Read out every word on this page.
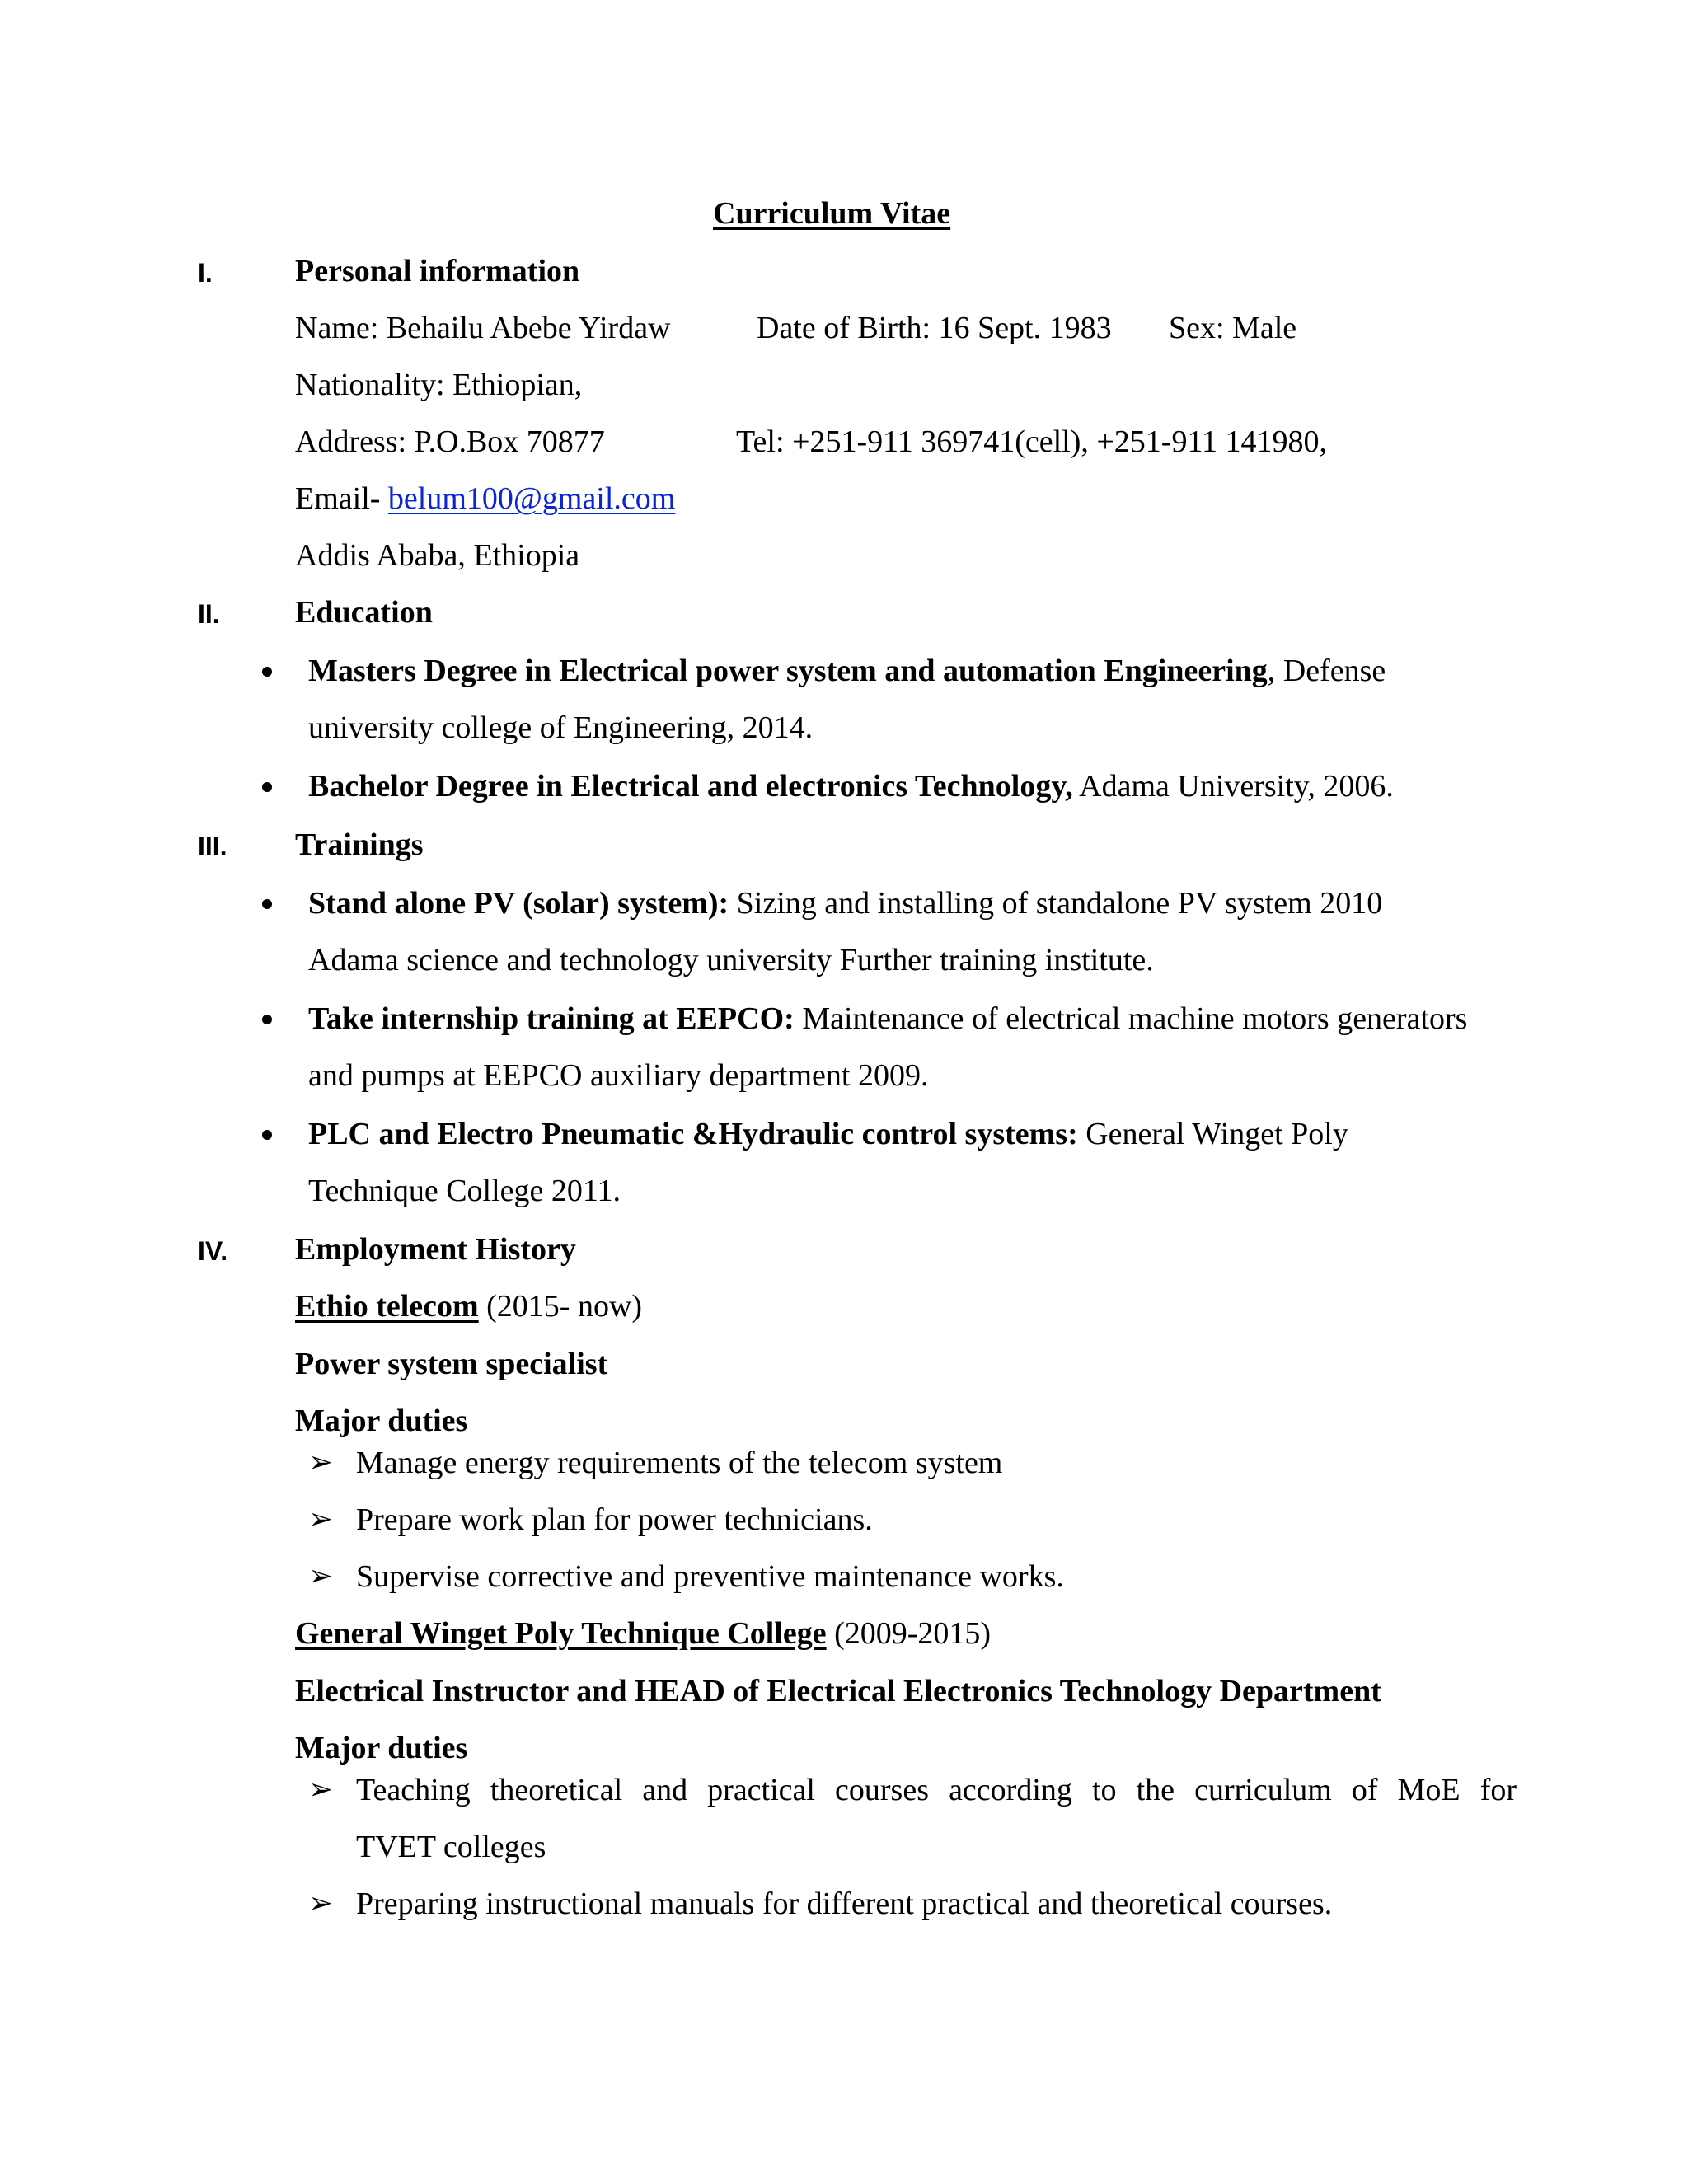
Curriculum Vitae
I.	Personal information
Name: Behailu Abebe Yirdaw	Date of Birth: 16 Sept. 1983 Sex: Male
Nationality: Ethiopian,
Address: P.O.Box 70877	Tel: +251-911 369741(cell), +251-911 141980,
Email- belum100@gmail.com
Addis Ababa, Ethiopia
II. Education
Masters Degree in Electrical power system and automation Engineering, Defense
university college of Engineering, 2014.
Bachelor Degree in Electrical and electronics Technology, Adama University, 2006.
III. Trainings
Stand alone PV (solar) system): Sizing and installing of standalone PV system 2010
Adama science and technology university Further training institute.
Take internship training at EEPCO: Maintenance of electrical machine motors generators
and pumps at EEPCO auxiliary department 2009.
PLC and Electro Pneumatic &Hydraulic control systems: General Winget Poly
Technique College 2011.
IV. Employment History
Ethio telecom (2015- now)
Power system specialist
Major duties
➢ Manage energy requirements of the telecom system
➢ Prepare work plan for power technicians.
➢ Supervise corrective and preventive maintenance works.
General Winget Poly Technique College (2009-2015)
Electrical Instructor and HEAD of Electrical Electronics Technology Department
Major duties
➢ Teaching theoretical and practical courses according to the curriculum of MoE for
TVET colleges
➢ Preparing instructional manuals for different practical and theoretical courses.
